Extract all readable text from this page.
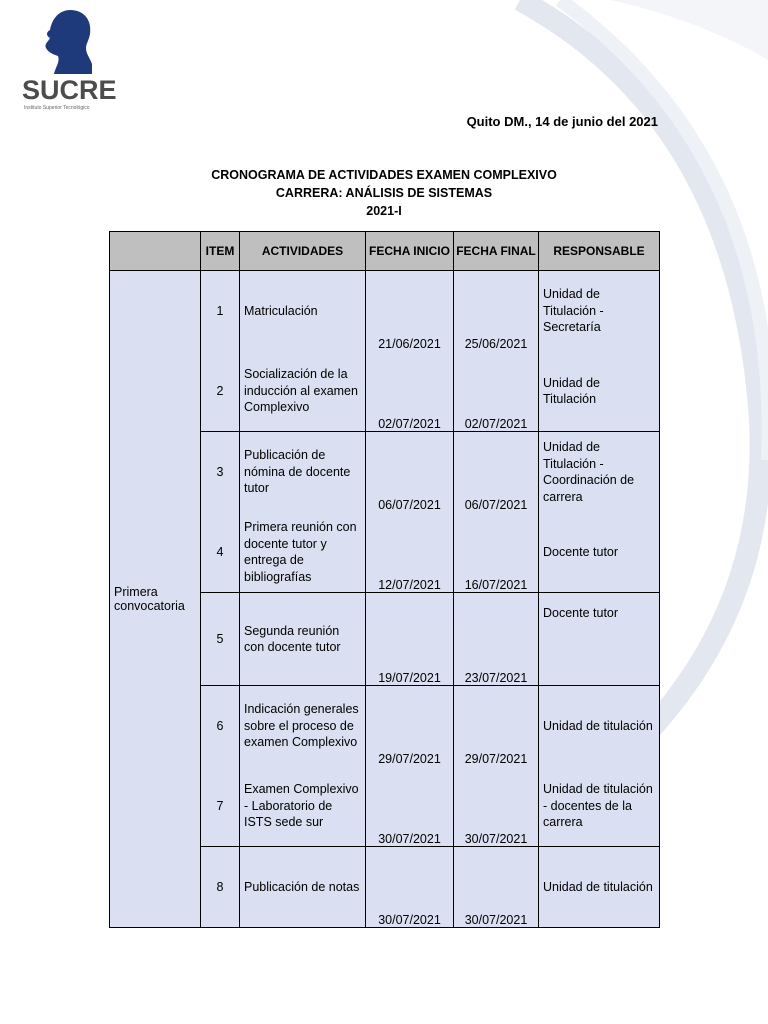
SUCRE
Instituto Superior Tecnológico
Quito DM., 14 de junio del 2021
CRONOGRAMA DE ACTIVIDADES EXAMEN COMPLEXIVO
CARRERA: ANÁLISIS DE SISTEMAS
2021-I
	ITEM	ACTIVIDADES	FECHA INICIO	FECHA FINAL	RESPONSABLE
Primera convocatoria	1	Matriculación	21/06/2021	25/06/2021	Unidad de Titulación - Secretaría
	2	Socialización de la inducción al examen Complexivo	02/07/2021	02/07/2021	Unidad de Titulación
	3	Publicación de nómina de docente tutor	06/07/2021	06/07/2021	Unidad de Titulación - Coordinación de carrera
	4	Primera reunión con docente tutor y entrega de bibliografías	12/07/2021	16/07/2021	Docente tutor
	5	Segunda reunión con docente tutor	19/07/2021	23/07/2021	Docente tutor
	6	Indicación generales sobre el proceso de examen Complexivo	29/07/2021	29/07/2021	Unidad de titulación
	7	Examen Complexivo - Laboratorio de ISTS sede sur	30/07/2021	30/07/2021	Unidad de titulación - docentes de la carrera
	8	Publicación de notas	30/07/2021	30/07/2021	Unidad de titulación
